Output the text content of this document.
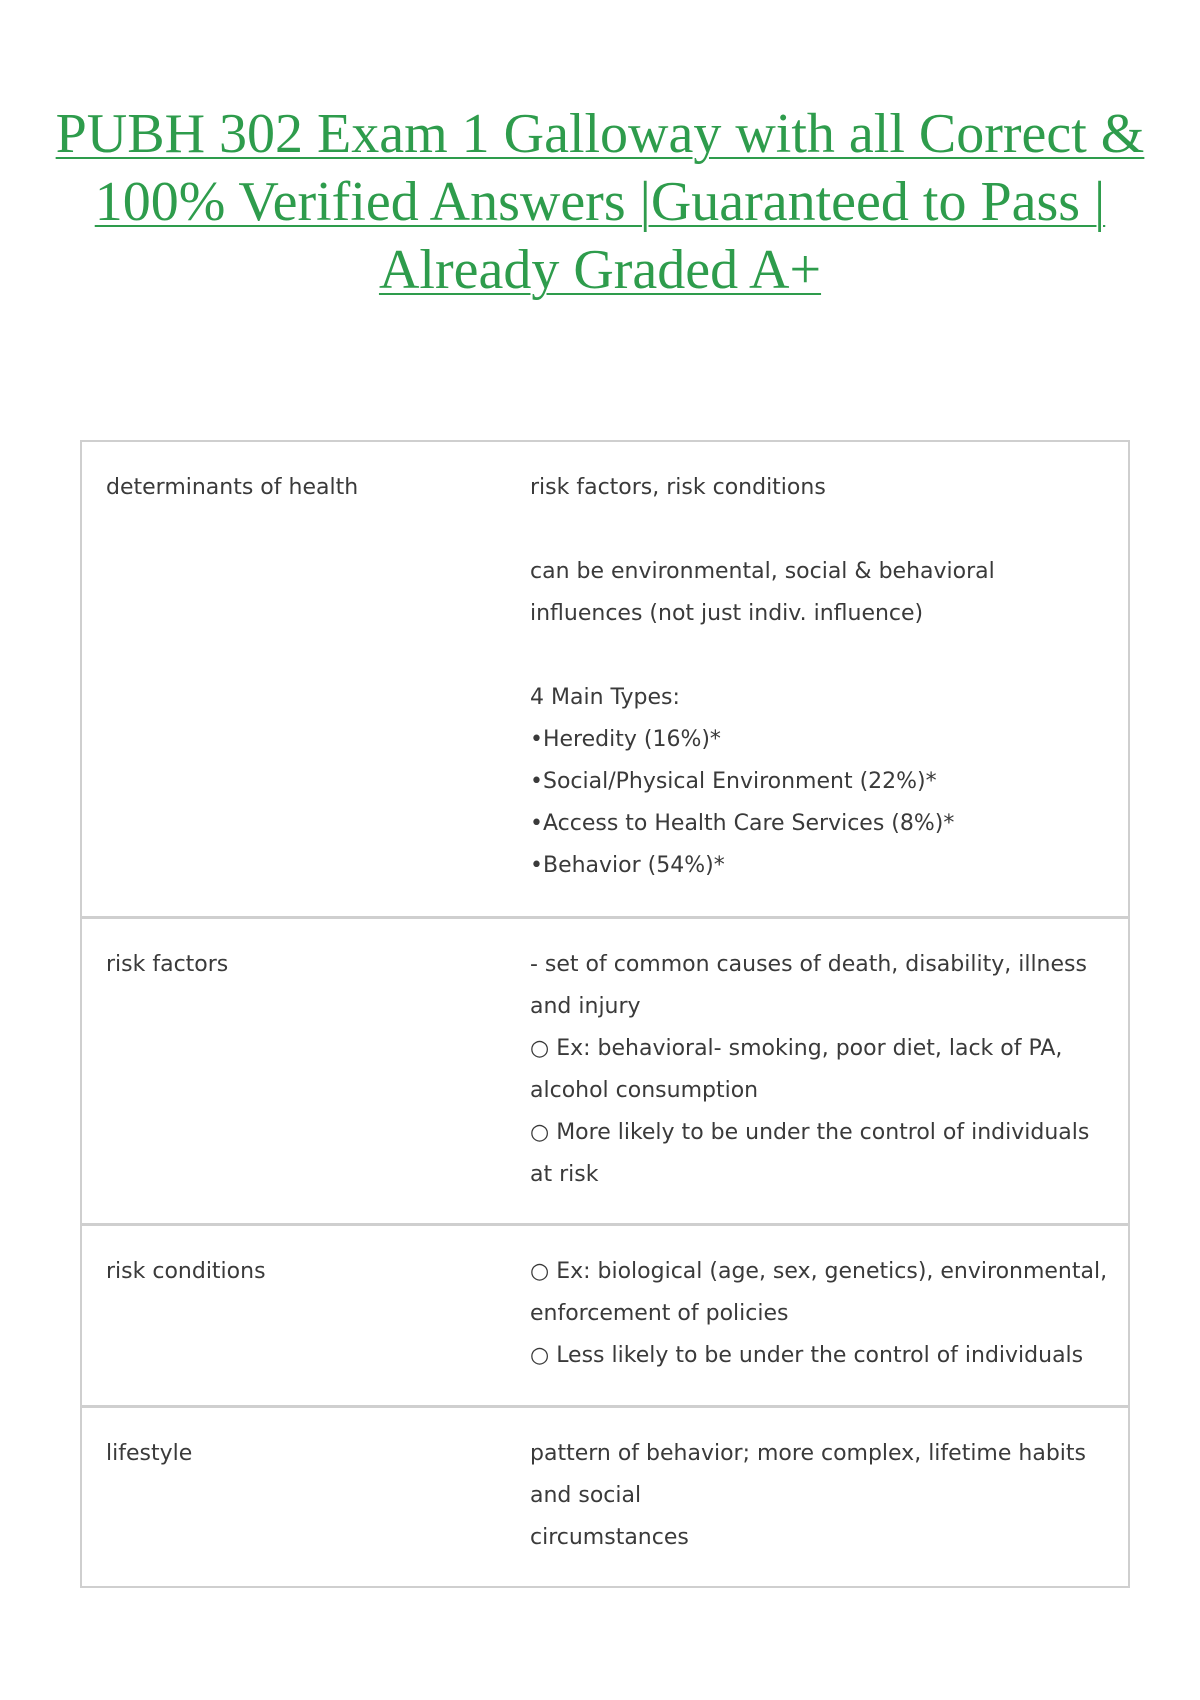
PUBH 302 Exam 1 Galloway with all Correct &
100% Verified Answers |Guaranteed to Pass |
Already Graded A+
determinants of health	risk factors, risk conditions

can be environmental, social & behavioral

influences (not just indiv. influence)

4 Main Types:

•Heredity (16%)*

•Social/Physical Environment (22%)*

•Access to Health Care Services (8%)*

•Behavior (54%)*

risk factors	- set of common causes of death, disability, illness

and injury

○ Ex: behavioral- smoking, poor diet, lack of PA,

alcohol consumption

○ More likely to be under the control of individuals

at risk

risk conditions	○ Ex: biological (age, sex, genetics), environmental,

enforcement of policies

○ Less likely to be under the control of individuals

lifestyle	pattern of behavior; more complex, lifetime habits

and social

circumstances
